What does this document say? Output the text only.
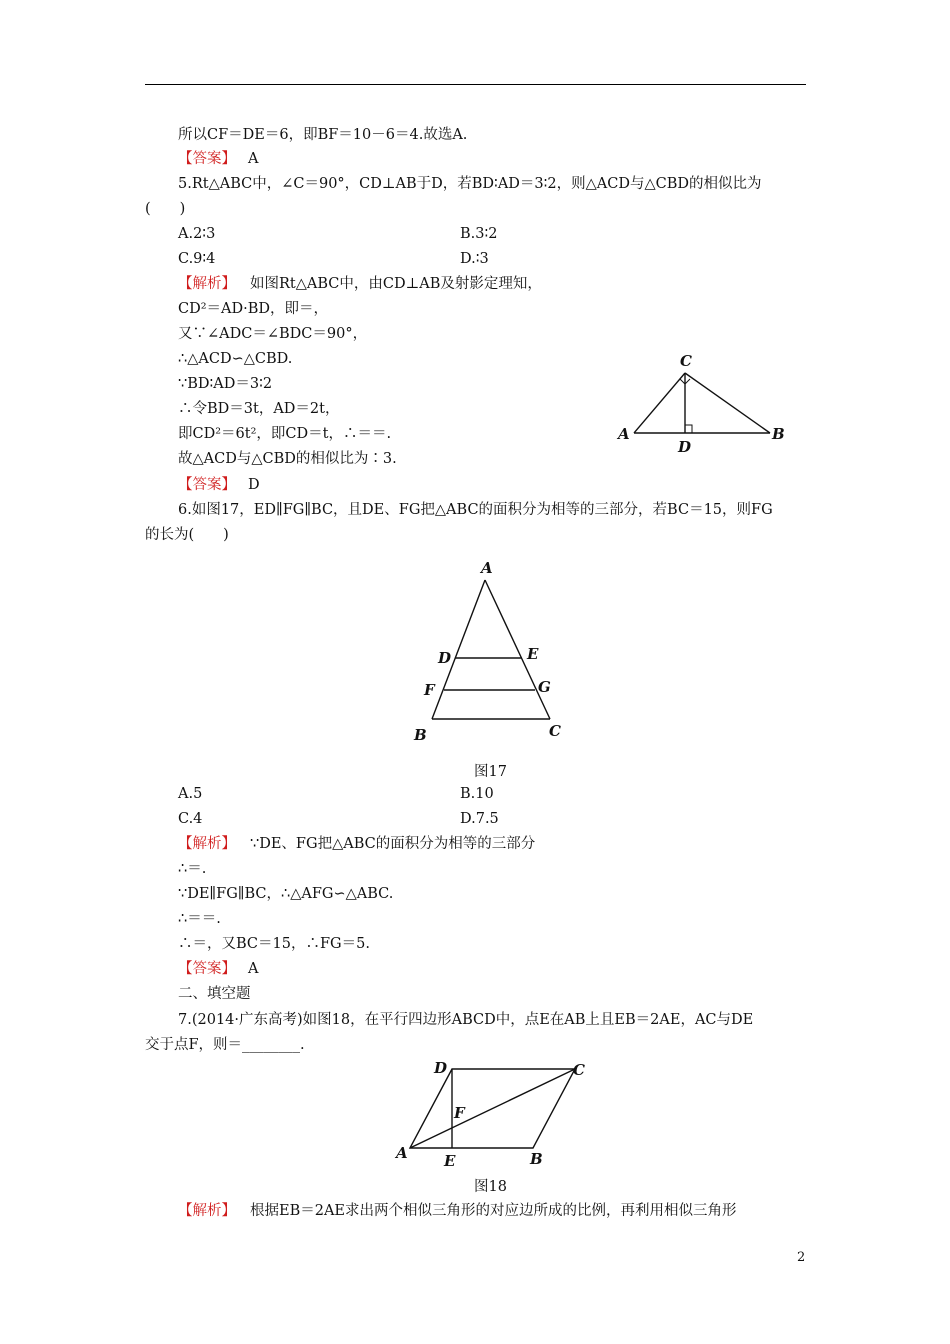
所以CF＝DE＝6，即BF＝10－6＝4.故选A.
【答案】 A
5.Rt△ABC中，∠C＝90°，CD⊥AB于D，若BD∶AD＝3∶2，则△ACD与△CBD的相似比为
(　　)
A.2∶3	B.3∶2
C.9∶4	D.∶3
【解析】 如图Rt△ABC中，由CD⊥AB及射影定理知，
CD²＝AD·BD，即＝，
又∵∠ADC＝∠BDC＝90°，
∴△ACD∽△CBD.
∵BD∶AD＝3∶2
∴令BD＝3t，AD＝2t，
即CD²＝6t²，即CD＝t，∴＝＝.
故△ACD与△CBD的相似比为∶3.
【答案】 D
C
A	B
D
6.如图17，ED∥FG∥BC，且DE、FG把△ABC的面积分为相等的三部分，若BC＝15，则FG
的长为(　　)
A
D	E
F	G
B	C
图17
A.5	B.10
C.4	D.7.5
【解析】 ∵DE、FG把△ABC的面积分为相等的三部分
∴＝.
∵DE∥FG∥BC，∴△AFG∽△ABC.
∴＝＝.
∴＝，又BC＝15，∴FG＝5.
【答案】 A
二、填空题
7.(2014·广东高考)如图18，在平行四边形ABCD中，点E在AB上且EB＝2AE，AC与DE
交于点F，则＝________.
D	C
F
A E	B
图18
【解析】 根据EB＝2AE求出两个相似三角形的对应边所成的比例，再利用相似三角形
2
